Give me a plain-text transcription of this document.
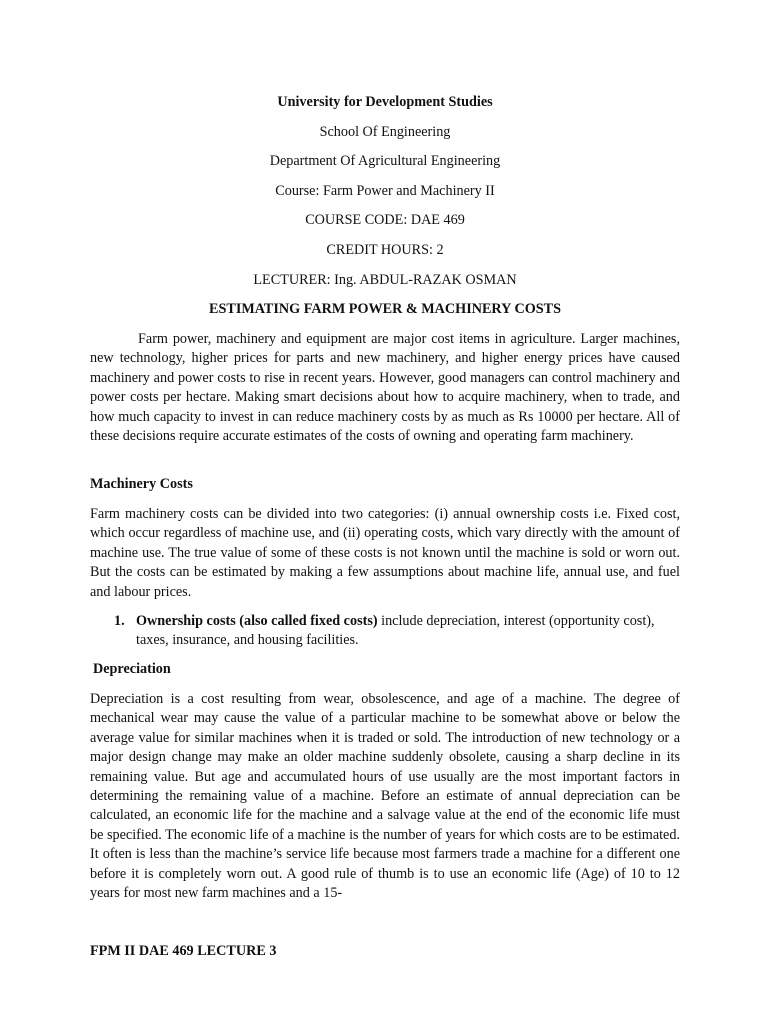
University for Development Studies
School Of Engineering
Department Of Agricultural Engineering
Course: Farm Power and Machinery II
COURSE CODE: DAE 469
CREDIT HOURS: 2
LECTURER: Ing. ABDUL-RAZAK OSMAN
ESTIMATING FARM POWER & MACHINERY COSTS

Farm power, machinery and equipment are major cost items in agriculture. Larger machines, new technology, higher prices for parts and new machinery, and higher energy prices have caused machinery and power costs to rise in recent years. However, good managers can control machinery and power costs per hectare. Making smart decisions about how to acquire machinery, when to trade, and how much capacity to invest in can reduce machinery costs by as much as Rs 10000 per hectare. All of these decisions require accurate estimates of the costs of owning and operating farm machinery.

Machinery Costs

Farm machinery costs can be divided into two categories: (i) annual ownership costs i.e. Fixed cost, which occur regardless of machine use, and (ii) operating costs, which vary directly with the amount of machine use. The true value of some of these costs is not known until the machine is sold or worn out. But the costs can be estimated by making a few assumptions about machine life, annual use, and fuel and labour prices.

1. Ownership costs (also called fixed costs) include depreciation, interest (opportunity cost), taxes, insurance, and housing facilities.
Depreciation

Depreciation is a cost resulting from wear, obsolescence, and age of a machine. The degree of mechanical wear may cause the value of a particular machine to be somewhat above or below the average value for similar machines when it is traded or sold. The introduction of new technology or a major design change may make an older machine suddenly obsolete, causing a sharp decline in its remaining value. But age and accumulated hours of use usually are the most important factors in determining the remaining value of a machine. Before an estimate of annual depreciation can be calculated, an economic life for the machine and a salvage value at the end of the economic life must be specified. The economic life of a machine is the number of years for which costs are to be estimated. It often is less than the machine’s service life because most farmers trade a machine for a different one before it is completely worn out. A good rule of thumb is to use an economic life (Age) of 10 to 12 years for most new farm machines and a 15-

FPM II DAE 469 LECTURE 3
